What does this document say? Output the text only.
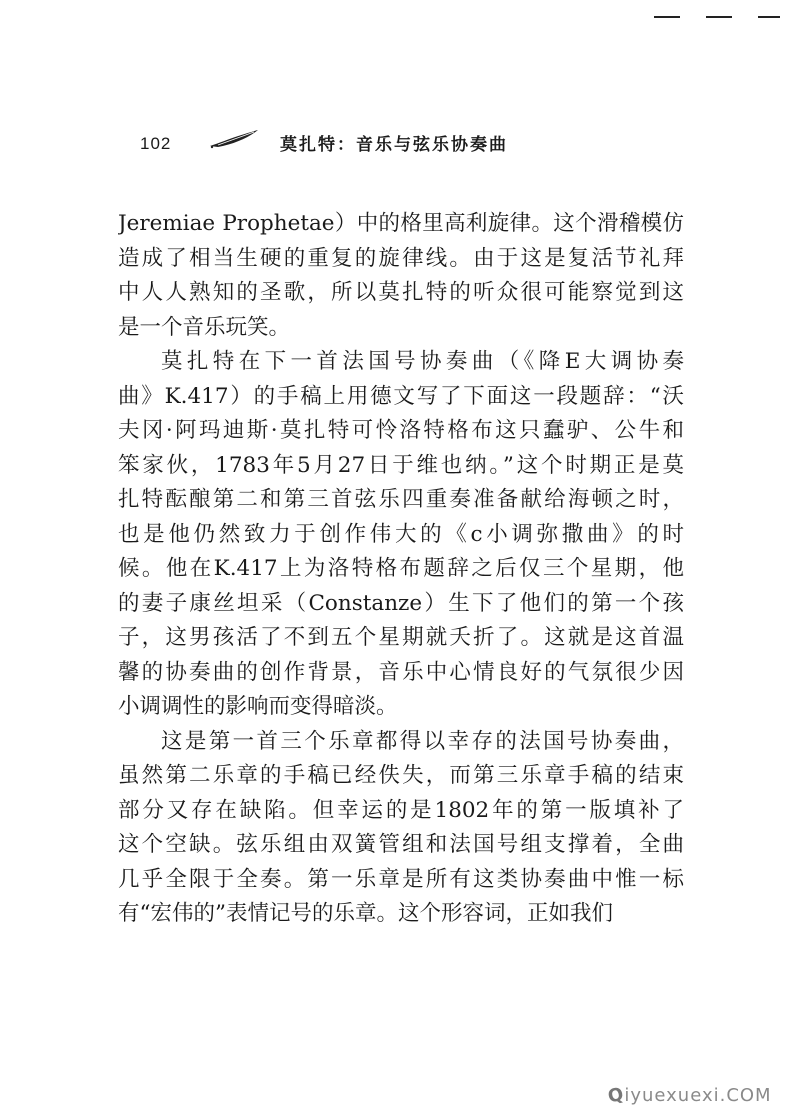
102	莫扎特：音乐与弦乐协奏曲
Jeremiae Prophetae）中的格里高利旋律。这个滑稽模仿
造成了相当生硬的重复的旋律线。由于这是复活节礼拜
中人人熟知的圣歌，所以莫扎特的听众很可能察觉到这
是一个音乐玩笑。
莫扎特在下一首法国号协奏曲（《降E大调协奏
曲》K.417）的手稿上用德文写了下面这一段题辞：“沃
夫冈·阿玛迪斯·莫扎特可怜洛特格布这只蠢驴、公牛和
笨家伙，1783年5月27日于维也纳。”这个时期正是莫
扎特酝酿第二和第三首弦乐四重奏准备献给海顿之时，
也是他仍然致力于创作伟大的《c小调弥撒曲》的时
候。他在K.417上为洛特格布题辞之后仅三个星期，他
的妻子康丝坦采（Constanze）生下了他们的第一个孩
子，这男孩活了不到五个星期就夭折了。这就是这首温
馨的协奏曲的创作背景，音乐中心情良好的气氛很少因
小调调性的影响而变得暗淡。
这是第一首三个乐章都得以幸存的法国号协奏曲，
虽然第二乐章的手稿已经佚失，而第三乐章手稿的结束
部分又存在缺陷。但幸运的是1802年的第一版填补了
这个空缺。弦乐组由双簧管组和法国号组支撑着，全曲
几乎全限于全奏。第一乐章是所有这类协奏曲中惟一标
有“宏伟的”表情记号的乐章。这个形容词，正如我们
Qiyuexuexi.COM
